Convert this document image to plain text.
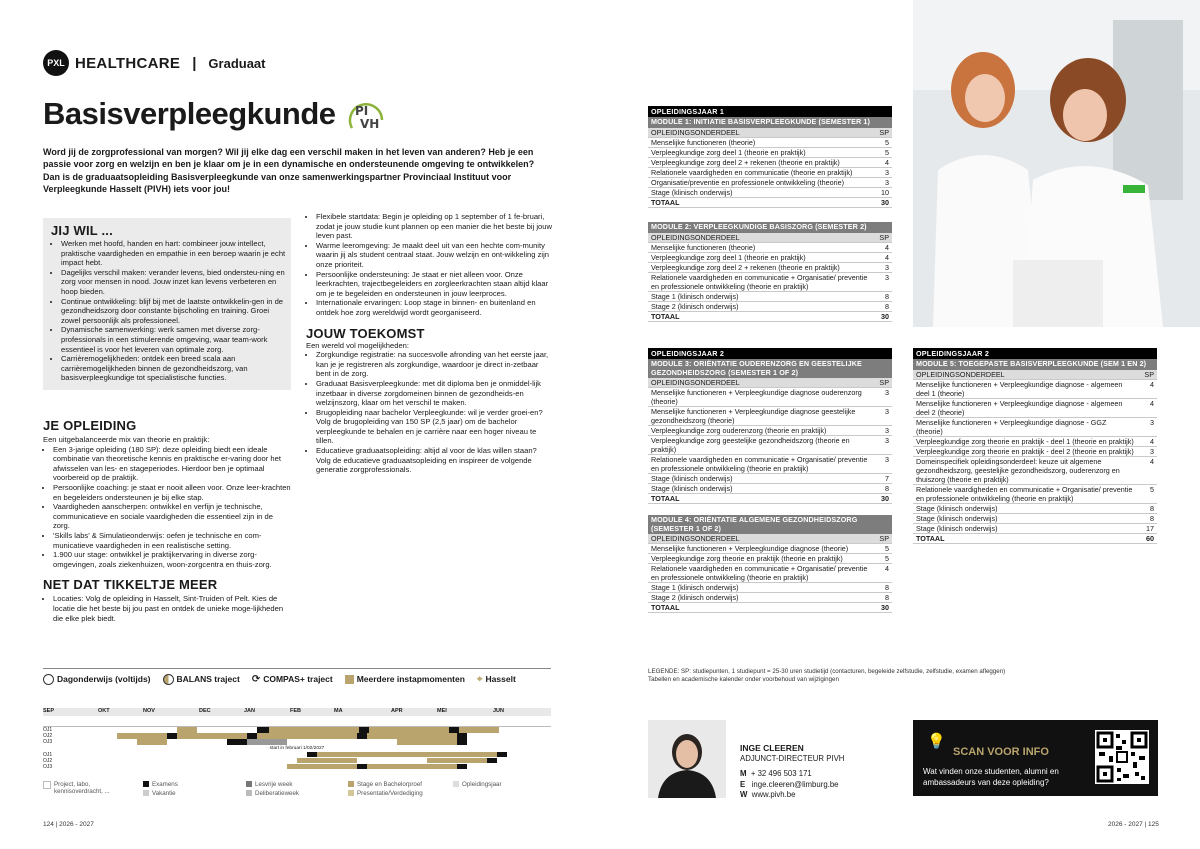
PXL HEALTHCARE | Graduaat
Basisverpleegkunde PI
VH
Word jij de zorgprofessional van morgen? Wil jij elke dag een verschil maken in het leven van anderen? Heb je een passie voor zorg en welzijn en ben je klaar om je in een dynamische en ondersteunende omgeving te ontwikkelen? Dan is de graduaatsopleiding Basisverpleegkunde van onze samenwerkingspartner Provinciaal Instituut voor Verpleegkunde Hasselt (PIVH) iets voor jou!
JIJ WIL ...
• Werken met hoofd, handen en hart: combineer jouw intellect, praktische vaardigheden en empathie in een beroep waarin je echt impact hebt.
• Dagelijks verschil maken: verander levens, bied ondersteu-ning en zorg voor mensen in nood. Jouw inzet kan levens verbeteren en hoop bieden.
• Continue ontwikkeling: blijf bij met de laatste ontwikkelin-gen in de gezondheidszorg door constante bijscholing en training. Groei zowel persoonlijk als professioneel.
• Dynamische samenwerking: werk samen met diverse zorg-professionals in een stimulerende omgeving, waar team-work essentieel is voor het leveren van optimale zorg.
• Carrièremogelijkheden: ontdek een breed scala aan carrièremogelijkheden binnen de gezondheidszorg, van basisverpleegkundige tot specialistische functies.
JE OPLEIDING
Een uitgebalanceerde mix van theorie en praktijk:
• Een 3-jarige opleiding (180 SP): deze opleiding biedt een ideale combinatie van theoretische kennis en praktische er-varing door het afwisselen van les- en stageperiodes. Hierdoor ben je optimaal voorbereid op de praktijk.
• Persoonlijke coaching: je staat er nooit alleen voor. Onze leer-krachten en begeleiders ondersteunen je bij elke stap.
• Vaardigheden aanscherpen: ontwikkel en verfijn je technische, communicatieve en sociale vaardigheden die essentieel zijn in de zorg.
• 'Skills labs' & Simulatieonderwijs: oefen je technische en com-municatieve vaardigheden in een realistische setting.
• 1.900 uur stage: ontwikkel je praktijkervaring in diverse zorg-omgevingen, zoals ziekenhuizen, woon-zorgcentra en thuis-zorg.
NET DAT TIKKELTJE MEER
• Locaties: Volg de opleiding in Hasselt, Sint-Truiden of Pelt. Kies de locatie die het beste bij jou past en ontdek de unieke moge-lijkheden die elke plek biedt.
• Flexibele startdata: Begin je opleiding op 1 september of 1 fe-bruari, zodat je jouw studie kunt plannen op een manier die het beste bij jouw leven past.
• Warme leeromgeving: Je maakt deel uit van een hechte com-munity waarin jij als student centraal staat. Jouw welzijn en ont-wikkeling zijn onze prioriteit.
• Persoonlijke ondersteuning: Je staat er niet alleen voor. Onze leerkrachten, trajectbegeleiders en zorgleerkrachten staan altijd klaar om je te begeleiden en ondersteunen in jouw leerproces.
• Internationale ervaringen: Loop stage in binnen- en buitenland en ontdek hoe zorg wereldwijd wordt georganiseerd.
JOUW TOEKOMST
Een wereld vol mogelijkheden:
• Zorgkundige registratie: na succesvolle afronding van het eerste jaar, kan je je registreren als zorgkundige, waardoor je direct in-zetbaar bent in de zorg.
• Graduaat Basisverpleegkunde: met dit diploma ben je onmiddel-lijk inzetbaar in diverse zorgdomeinen binnen de gezondheids-en welzijnszorg, klaar om het verschil te maken.
• Brugopleiding naar bachelor Verpleegkunde: wil je verder groei-en? Volg de brugopleiding van 150 SP (2,5 jaar) om de bachelor verpleegkunde te behalen en je carrière naar een hoger niveau te tillen.
• Educatieve graduaatsopleiding: altijd al voor de klas willen staan? Volg de educatieve graduaatsopleiding en inspireer de volgende generatie zorgprofessionals.
Dagonderwijs (voltijds)	BALANS traject ⟳ COMPAS+ traject	Meerdere instapmomenten ⌖ Hasselt
SEP	OKT	NOV	DEC	JAN	FEB	MA	APR	MEI	JUN
OJ1
OJ2
OJ3
start in februari 1/02/2027
OJ1
OJ2
OJ3
Project, labo, kennisoverdracht, ...
Examens
Vakantie
Lesvrije week
Deliberatieweek
Stage en Bachelorproef
Presentatie/Verdediging
Opleidingsjaar
124 | 2026 - 2027
OPLEIDINGSJAAR 1
MODULE 1: INITIATIE BASISVERPLEEGKUNDE (SEMESTER 1)
OPLEIDINGSONDERDEEL	SP
Menselijke functioneren (theorie)	5
Verpleegkundige zorg deel 1 (theorie en praktijk)	5
Verpleegkundige zorg deel 2 + rekenen (theorie en praktijk)	4
Relationele vaardigheden en communicatie (theorie en praktijk)	3
Organisatie/preventie en professionele ontwikkeling (theorie)	3
Stage (klinisch onderwijs)	10
TOTAAL	30
MODULE 2: VERPLEEGKUNDIGE BASISZORG (SEMESTER 2)
OPLEIDINGSONDERDEEL	SP
Menselijke functioneren (theorie)	4
Verpleegkundige zorg deel 1 (theorie en praktijk)	4
Verpleegkundige zorg deel 2 + rekenen (theorie en praktijk)	3
Relationele vaardigheden en communicatie + Organisatie/ preventie en professionele ontwikkeling (theorie en praktijk)	3
Stage 1 (klinisch onderwijs)	8
Stage 2 (klinisch onderwijs)	8
TOTAAL	30
OPLEIDINGSJAAR 2
MODULE 3: ORIËNTATIE OUDERENZORG EN GEESTELIJKE GEZONDHEIDSZORG (SEMESTER 1 OF 2)
OPLEIDINGSONDERDEEL	SP
Menselijke functioneren + Verpleegkundige diagnose ouderenzorg (theorie)	3
Menselijke functioneren + Verpleegkundige diagnose geestelijke gezondheidszorg (theorie)	3
Verpleegkundige zorg ouderenzorg (theorie en praktijk)	3
Verpleegkundige zorg geestelijke gezondheidszorg (theorie en praktijk)	3
Relationele vaardigheden en communicatie + Organisatie/ preventie en professionele ontwikkeling (theorie en praktijk)	3
Stage (klinisch onderwijs)	7
Stage (klinisch onderwijs)	8
TOTAAL	30
MODULE 4: ORIËNTATIE ALGEMENE GEZONDHEIDSZORG (SEMESTER 1 OF 2)
OPLEIDINGSONDERDEEL	SP
Menselijke functioneren + Verpleegkundige diagnose (theorie)	5
Verpleegkundige zorg theorie en praktijk (theorie en praktijk)	5
Relationele vaardigheden en communicatie + Organisatie/ preventie en professionele ontwikkeling (theorie en praktijk)	4
Stage 1 (klinisch onderwijs)	8
Stage 2 (klinisch onderwijs)	8
TOTAAL	30
OPLEIDINGSJAAR 2
MODULE 5: TOEGEPASTE BASISVERPLEEGKUNDE (SEM 1 EN 2)
OPLEIDINGSONDERDEEL	SP
Menselijke functioneren + Verpleegkundige diagnose - algemeen deel 1 (theorie)	4
Menselijke functioneren + Verpleegkundige diagnose - algemeen deel 2 (theorie)	4
Menselijke functioneren + Verpleegkundige diagnose - GGZ (theorie)	3
Verpleegkundige zorg theorie en praktijk - deel 1 (theorie en praktijk)	4
Verpleegkundige zorg theorie en praktijk - deel 2 (theorie en praktijk)	3
Domeinspecifiek opleidingsonderdeel: keuze uit algemene gezondheidszorg, geestelijke gezondheidszorg, ouderenzorg en thuiszorg (theorie en praktijk)	4
Relationele vaardigheden en communicatie + Organisatie/ preventie en professionele ontwikkeling (theorie en praktijk)	5
Stage (klinisch onderwijs)	8
Stage (klinisch onderwijs)	8
Stage (klinisch onderwijs)	17
TOTAAL	60
LEGENDE: SP: studiepunten, 1 studiepunt = 25-30 uren studietijd (contacturen, begeleide zelfstudie, zelfstudie, examen afleggen)
Tabellen en academische kalender onder voorbehoud van wijzigingen
INGE CLEEREN
ADJUNCT-DIRECTEUR PIVH
M + 32 496 503 171
E inge.cleeren@limburg.be
W www.pivh.be
💡
SCAN VOOR INFO
Wat vinden onze studenten, alumni en ambassadeurs van deze opleiding?
2026 - 2027 | 125
